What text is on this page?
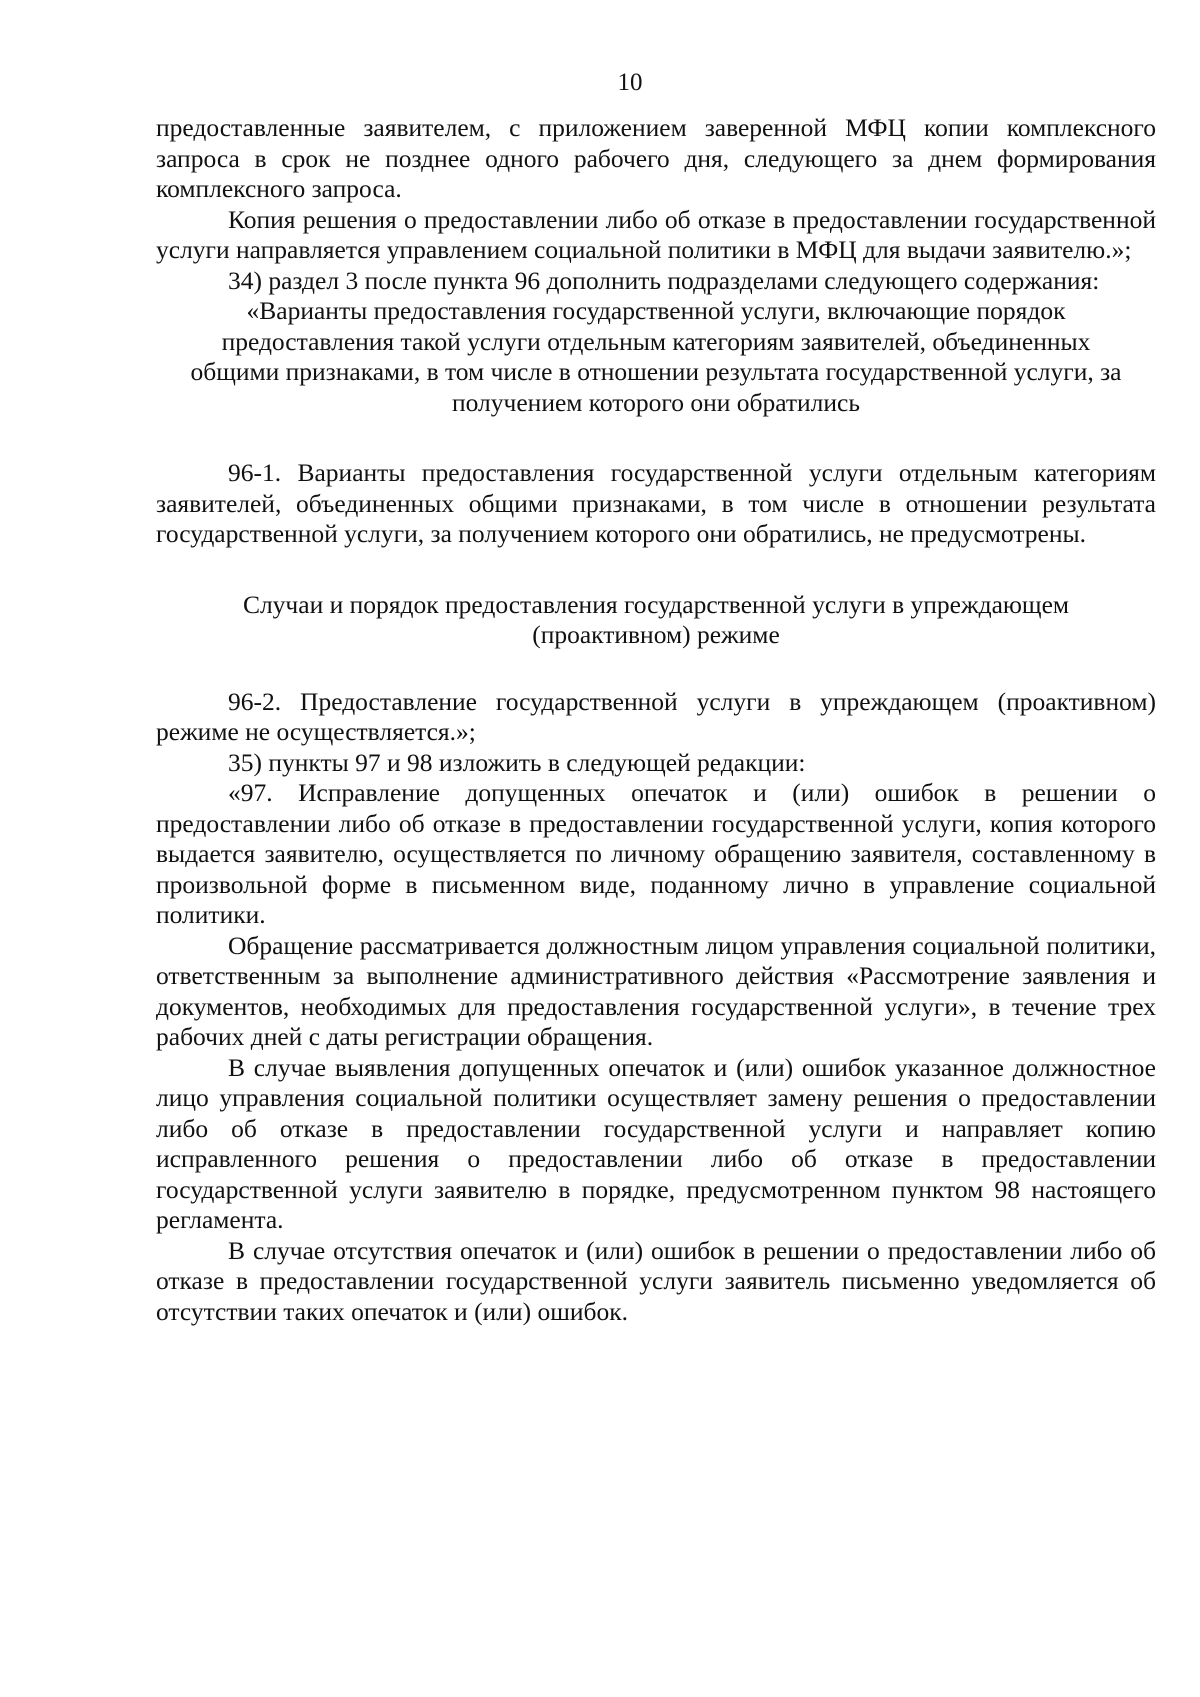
10

предоставленные заявителем, с приложением заверенной МФЦ копии комплексного запроса в срок не позднее одного рабочего дня, следующего за днем формирования комплексного запроса.

Копия решения о предоставлении либо об отказе в предоставлении государственной услуги направляется управлением социальной политики в МФЦ для выдачи заявителю.»;

34) раздел 3 после пункта 96 дополнить подразделами следующего содержания:

«Варианты предоставления государственной услуги, включающие порядок предоставления такой услуги отдельным категориям заявителей, объединенных общими признаками, в том числе в отношении результата государственной услуги, за получением которого они обратились

96-1. Варианты предоставления государственной услуги отдельным категориям заявителей, объединенных общими признаками, в том числе в отношении результата государственной услуги, за получением которого они обратились, не предусмотрены.

Случаи и порядок предоставления государственной услуги в упреждающем (проактивном) режиме

96-2. Предоставление государственной услуги в упреждающем (проактивном) режиме не осуществляется.»;

35) пункты 97 и 98 изложить в следующей редакции:

«97. Исправление допущенных опечаток и (или) ошибок в решении о предоставлении либо об отказе в предоставлении государственной услуги, копия которого выдается заявителю, осуществляется по личному обращению заявителя, составленному в произвольной форме в письменном виде, поданному лично в управление социальной политики.

Обращение рассматривается должностным лицом управления социальной политики, ответственным за выполнение административного действия «Рассмотрение заявления и документов, необходимых для предоставления государственной услуги», в течение трех рабочих дней с даты регистрации обращения.

В случае выявления допущенных опечаток и (или) ошибок указанное должностное лицо управления социальной политики осуществляет замену решения о предоставлении либо об отказе в предоставлении государственной услуги и направляет копию исправленного решения о предоставлении либо об отказе в предоставлении государственной услуги заявителю в порядке, предусмотренном пунктом 98 настоящего регламента.

В случае отсутствия опечаток и (или) ошибок в решении о предоставлении либо об отказе в предоставлении государственной услуги заявитель письменно уведомляется об отсутствии таких опечаток и (или) ошибок.
